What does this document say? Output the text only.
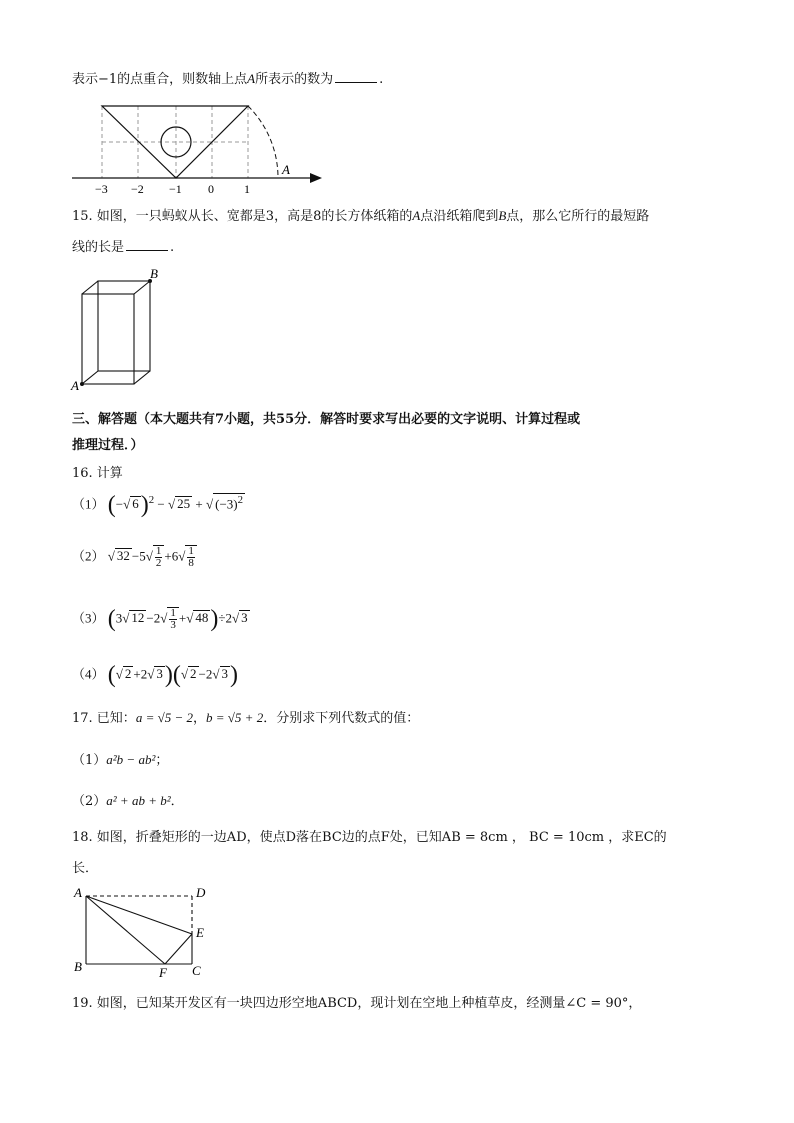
表示−1的点重合，则数轴上点A所表示的数为	.
−3 −2 −1 0	1
A
15. 如图，一只蚂蚁从长、宽都是3，高是8的长方体纸箱的A点沿纸箱爬到B点，那么它所行的最短路
线的长是	.
B
A
三、解答题（本大题共有7小题，共55分．解答时要求写出必要的文字说明、计算过程或
推理过程．）
16. 计算
（1） (−√ 6)$^2$ − √ 25 + √ $(-3)^2$
（2） √ $32 -5√ \frac{1}{2} +6√ \frac{1}{8}$
（3） (3√ $12 -2√ \frac{1}{3}$ +√ 48)÷2√ 3
（4） (√ 2 +2√ 3)(√ 2 −2√ 3)
17. 已知：a = √5 − 2，b = √5 + 2．分别求下列代数式的值：
（1）a²b − ab²；
（2）a² + ab + b²．
18. 如图，折叠矩形的一边AD，使点D落在BC边的点F处，已知AB = 8cm ， BC = 10cm ，求EC的
长．
A	D
E
B	F C
19. 如图，已知某开发区有一块四边形空地ABCD，现计划在空地上种植草皮，经测量∠C = 90°，
